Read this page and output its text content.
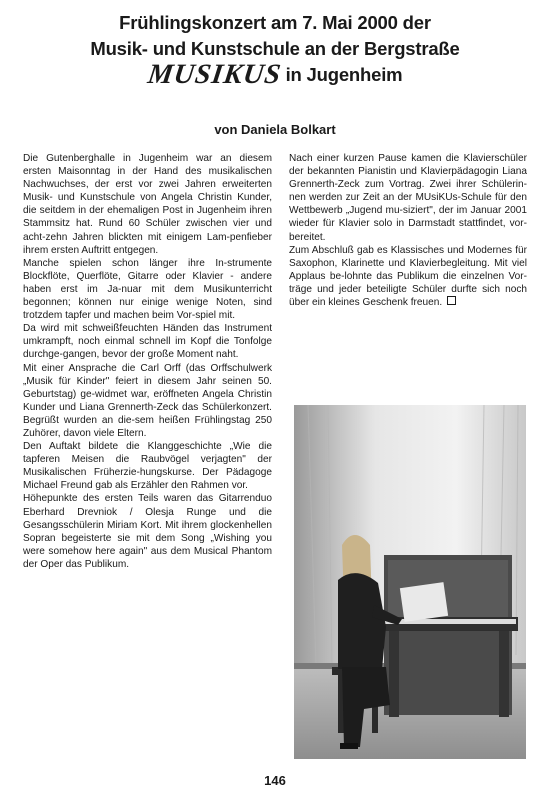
Frühlingskonzert am 7. Mai 2000 der
Musik- und Kunstschule an der Bergstraße
MUSIKUS in Jugenheim
von Daniela Bolkart

Die Gutenberghalle in Jugenheim war an diesem ersten Maisonntag in der Hand des musikalischen Nachwuchses, der erst vor zwei Jahren erweiterten Musik- und Kunstschule von Angela Christin Kunder, die seitdem in der ehemaligen Post in Jugenheim ihren Stammsitz hat. Rund 60 Schüler zwischen vier und acht-zehn Jahren blickten mit einigem Lam-penfieber ihrem ersten Auftritt entgegen.

Manche spielen schon länger ihre In-strumente Blockflöte, Querflöte, Gitarre oder Klavier - andere haben erst im Ja-nuar mit dem Musikunterricht begonnen; können nur einige wenige Noten, sind trotzdem tapfer und machen beim Vor-spiel mit.

Da wird mit schweißfeuchten Händen das Instrument umkrampft, noch einmal schnell im Kopf die Tonfolge durchge-gangen, bevor der große Moment naht.

Mit einer Ansprache die Carl Orff (das Orffschulwerk „Musik für Kinder" feiert in diesem Jahr seinen 50. Geburtstag) ge-widmet war, eröffneten Angela Christin Kunder und Liana Grennerth-Zeck das Schülerkonzert. Begrüßt wurden an die-sem heißen Frühlingstag 250 Zuhörer, davon viele Eltern.

Den Auftakt bildete die Klanggeschichte „Wie die tapferen Meisen die Raubvögel verjagten" der Musikalischen Früherzie-hungskurse. Der Pädagoge Michael Freund gab als Erzähler den Rahmen vor.

Höhepunkte des ersten Teils waren das Gitarrenduo Eberhard Drevniok / Olesja Runge und die Gesangsschülerin Miriam Kort. Mit ihrem glockenhellen Sopran begeisterte sie mit dem Song „Wishing you were somehow here again" aus dem Musical Phantom der Oper das Publikum.

Nach einer kurzen Pause kamen die Klavierschüler der bekannten Pianistin und Klavierpädagogin Liana Grennerth-Zeck zum Vortrag. Zwei ihrer Schülerin-nen werden zur Zeit an der MUsiKUs-Schule für den Wettbewerb „Jugend mu-siziert", der im Januar 2001 wieder für Klavier solo in Darmstadt stattfindet, vor-bereitet.

Zum Abschluß gab es Klassisches und Modernes für Saxophon, Klarinette und Klavierbegleitung. Mit viel Applaus be-lohnte das Publikum die einzelnen Vor-träge und jeder beteiligte Schüler durfte sich noch über ein kleines Geschenk freuen.

146
